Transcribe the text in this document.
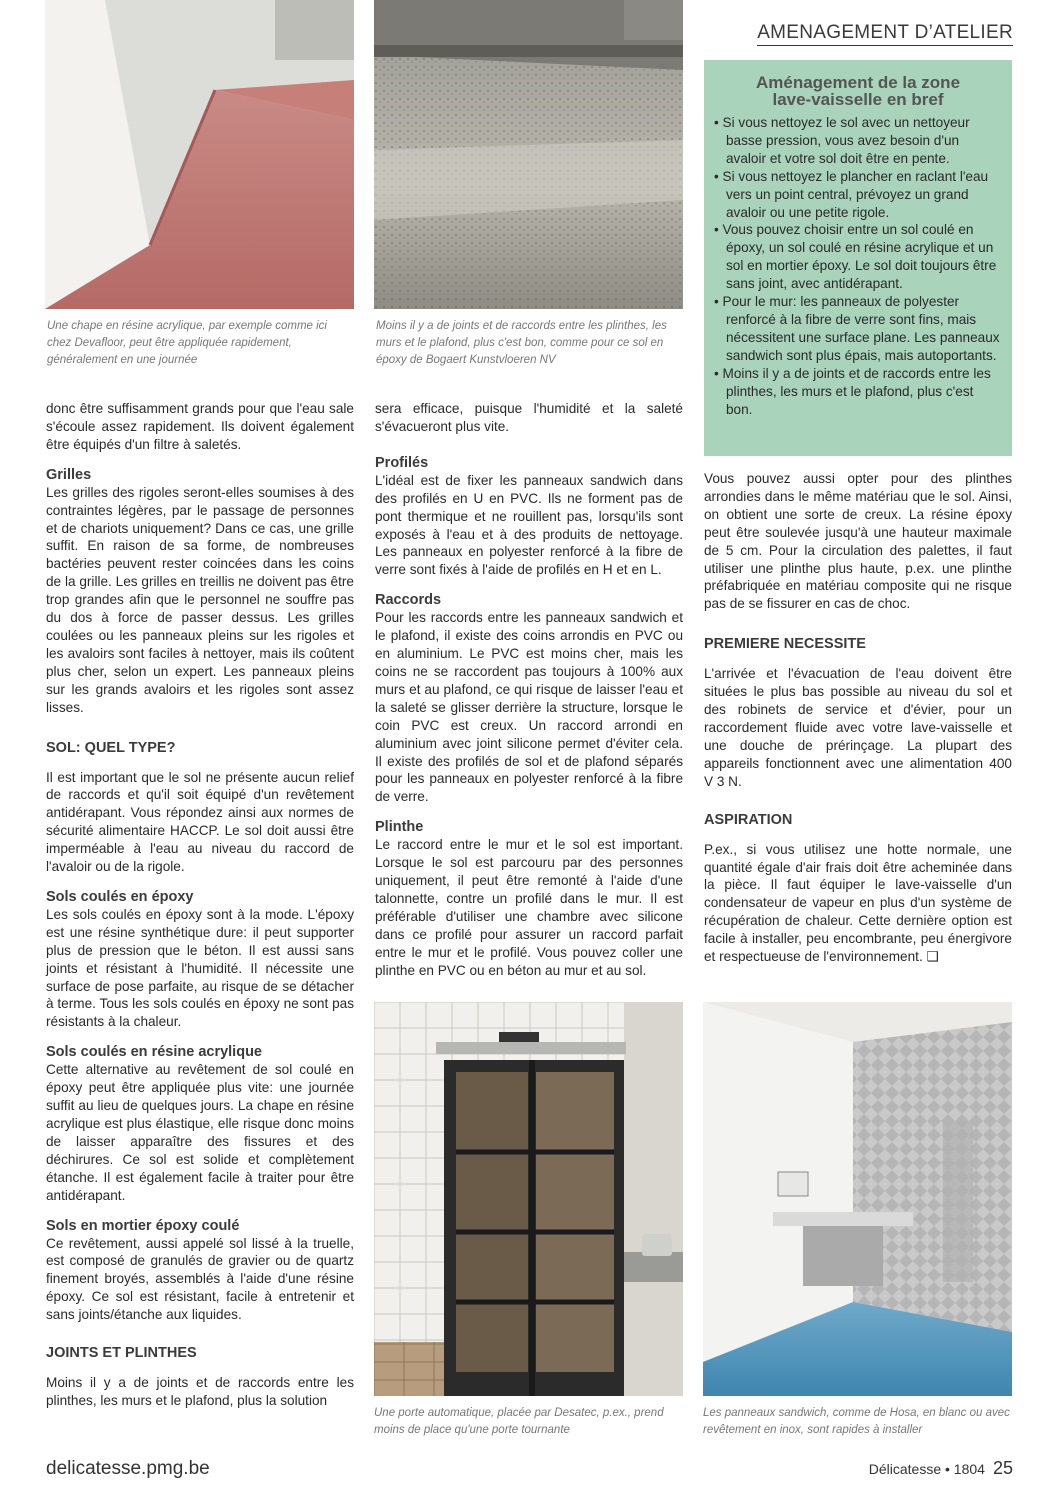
AMENAGEMENT D’ATELIER
Une chape en résine acrylique, par exemple comme ici chez Devafloor, peut être appliquée rapidement, généralement en une journée
Moins il y a de joints et de raccords entre les plinthes, les murs et le plafond, plus c'est bon, comme pour ce sol en époxy de Bogaert Kunstvloeren NV

donc être suffisamment grands pour que l'eau sale s'écoule assez rapidement. Ils doivent également être équipés d'un filtre à saletés.

Grilles

Les grilles des rigoles seront-elles soumises à des contraintes légères, par le passage de personnes et de chariots uniquement? Dans ce cas, une grille suffit. En raison de sa forme, de nombreuses bactéries peuvent rester coincées dans les coins de la grille. Les grilles en treillis ne doivent pas être trop grandes afin que le personnel ne souffre pas du dos à force de passer dessus. Les grilles coulées ou les panneaux pleins sur les rigoles et les avaloirs sont faciles à nettoyer, mais ils coûtent plus cher, selon un expert. Les panneaux pleins sur les grands avaloirs et les rigoles sont assez lisses.

SOL: QUEL TYPE?

Il est important que le sol ne présente aucun relief de raccords et qu'il soit équipé d'un revêtement antidérapant. Vous répondez ainsi aux normes de sécurité alimentaire HACCP. Le sol doit aussi être imperméable à l'eau au niveau du raccord de l'avaloir ou de la rigole.

Sols coulés en époxy

Les sols coulés en époxy sont à la mode. L'époxy est une résine synthétique dure: il peut supporter plus de pression que le béton. Il est aussi sans joints et résistant à l'humidité. Il nécessite une surface de pose parfaite, au risque de se détacher à terme. Tous les sols coulés en époxy ne sont pas résistants à la chaleur.

Sols coulés en résine acrylique

Cette alternative au revêtement de sol coulé en époxy peut être appliquée plus vite: une journée suffit au lieu de quelques jours. La chape en résine acrylique est plus élastique, elle risque donc moins de laisser apparaître des fissures et des déchirures. Ce sol est solide et complètement étanche. Il est également facile à traiter pour être antidérapant.

Sols en mortier époxy coulé

Ce revêtement, aussi appelé sol lissé à la truelle, est composé de granulés de gravier ou de quartz finement broyés, assemblés à l'aide d'une résine époxy. Ce sol est résistant, facile à entretenir et sans joints/étanche aux liquides.

JOINTS ET PLINTHES

Moins il y a de joints et de raccords entre les plinthes, les murs et le plafond, plus la solution

sera efficace, puisque l'humidité et la saleté s'évacueront plus vite.

Profilés

L'idéal est de fixer les panneaux sandwich dans des profilés en U en PVC. Ils ne forment pas de pont thermique et ne rouillent pas, lorsqu'ils sont exposés à l'eau et à des produits de nettoyage. Les panneaux en polyester renforcé à la fibre de verre sont fixés à l'aide de profilés en H et en L.

Raccords

Pour les raccords entre les panneaux sandwich et le plafond, il existe des coins arrondis en PVC ou en aluminium. Le PVC est moins cher, mais les coins ne se raccordent pas toujours à 100% aux murs et au plafond, ce qui risque de laisser l'eau et la saleté se glisser derrière la structure, lorsque le coin PVC est creux. Un raccord arrondi en aluminium avec joint silicone permet d'éviter cela. Il existe des profilés de sol et de plafond séparés pour les panneaux en polyester renforcé à la fibre de verre.

Plinthe

Le raccord entre le mur et le sol est important. Lorsque le sol est parcouru par des personnes uniquement, il peut être remonté à l'aide d'une talonnette, contre un profilé dans le mur. Il est préférable d'utiliser une chambre avec silicone dans ce profilé pour assurer un raccord parfait entre le mur et le profilé. Vous pouvez coller une plinthe en PVC ou en béton au mur et au sol.

Aménagement de la zone
lave-vaisselle en bref
• Si vous nettoyez le sol avec un nettoyeur basse pression, vous avez besoin d'un avaloir et votre sol doit être en pente.
• Si vous nettoyez le plancher en raclant l'eau vers un point central, prévoyez un grand avaloir ou une petite rigole.
• Vous pouvez choisir entre un sol coulé en époxy, un sol coulé en résine acrylique et un sol en mortier époxy. Le sol doit toujours être sans joint, avec antidérapant.
• Pour le mur: les panneaux de polyester renforcé à la fibre de verre sont fins, mais nécessitent une surface plane. Les panneaux sandwich sont plus épais, mais autoportants.
• Moins il y a de joints et de raccords entre les plinthes, les murs et le plafond, plus c'est bon.

Vous pouvez aussi opter pour des plinthes arrondies dans le même matériau que le sol. Ainsi, on obtient une sorte de creux. La résine époxy peut être soulevée jusqu'à une hauteur maximale de 5 cm. Pour la circulation des palettes, il faut utiliser une plinthe plus haute, p.ex. une plinthe préfabriquée en matériau composite qui ne risque pas de se fissurer en cas de choc.

PREMIERE NECESSITE

L'arrivée et l'évacuation de l'eau doivent être situées le plus bas possible au niveau du sol et des robinets de service et d'évier, pour un raccordement fluide avec votre lave-vaisselle et une douche de prérinçage. La plupart des appareils fonctionnent avec une alimentation 400 V 3 N.

ASPIRATION

P.ex., si vous utilisez une hotte normale, une quantité égale d'air frais doit être acheminée dans la pièce. Il faut équiper le lave-vaisselle d'un condensateur de vapeur en plus d'un système de récupération de chaleur. Cette dernière option est facile à installer, peu encombrante, peu énergivore et respectueuse de l'environnement. ❑

Une porte automatique, placée par Desatec, p.ex., prend moins de place qu'une porte tournante
Les panneaux sandwich, comme de Hosa, en blanc ou avec revêtement en inox, sont rapides à installer
delicatesse.pmg.be	Délicatesse • 1804 25
